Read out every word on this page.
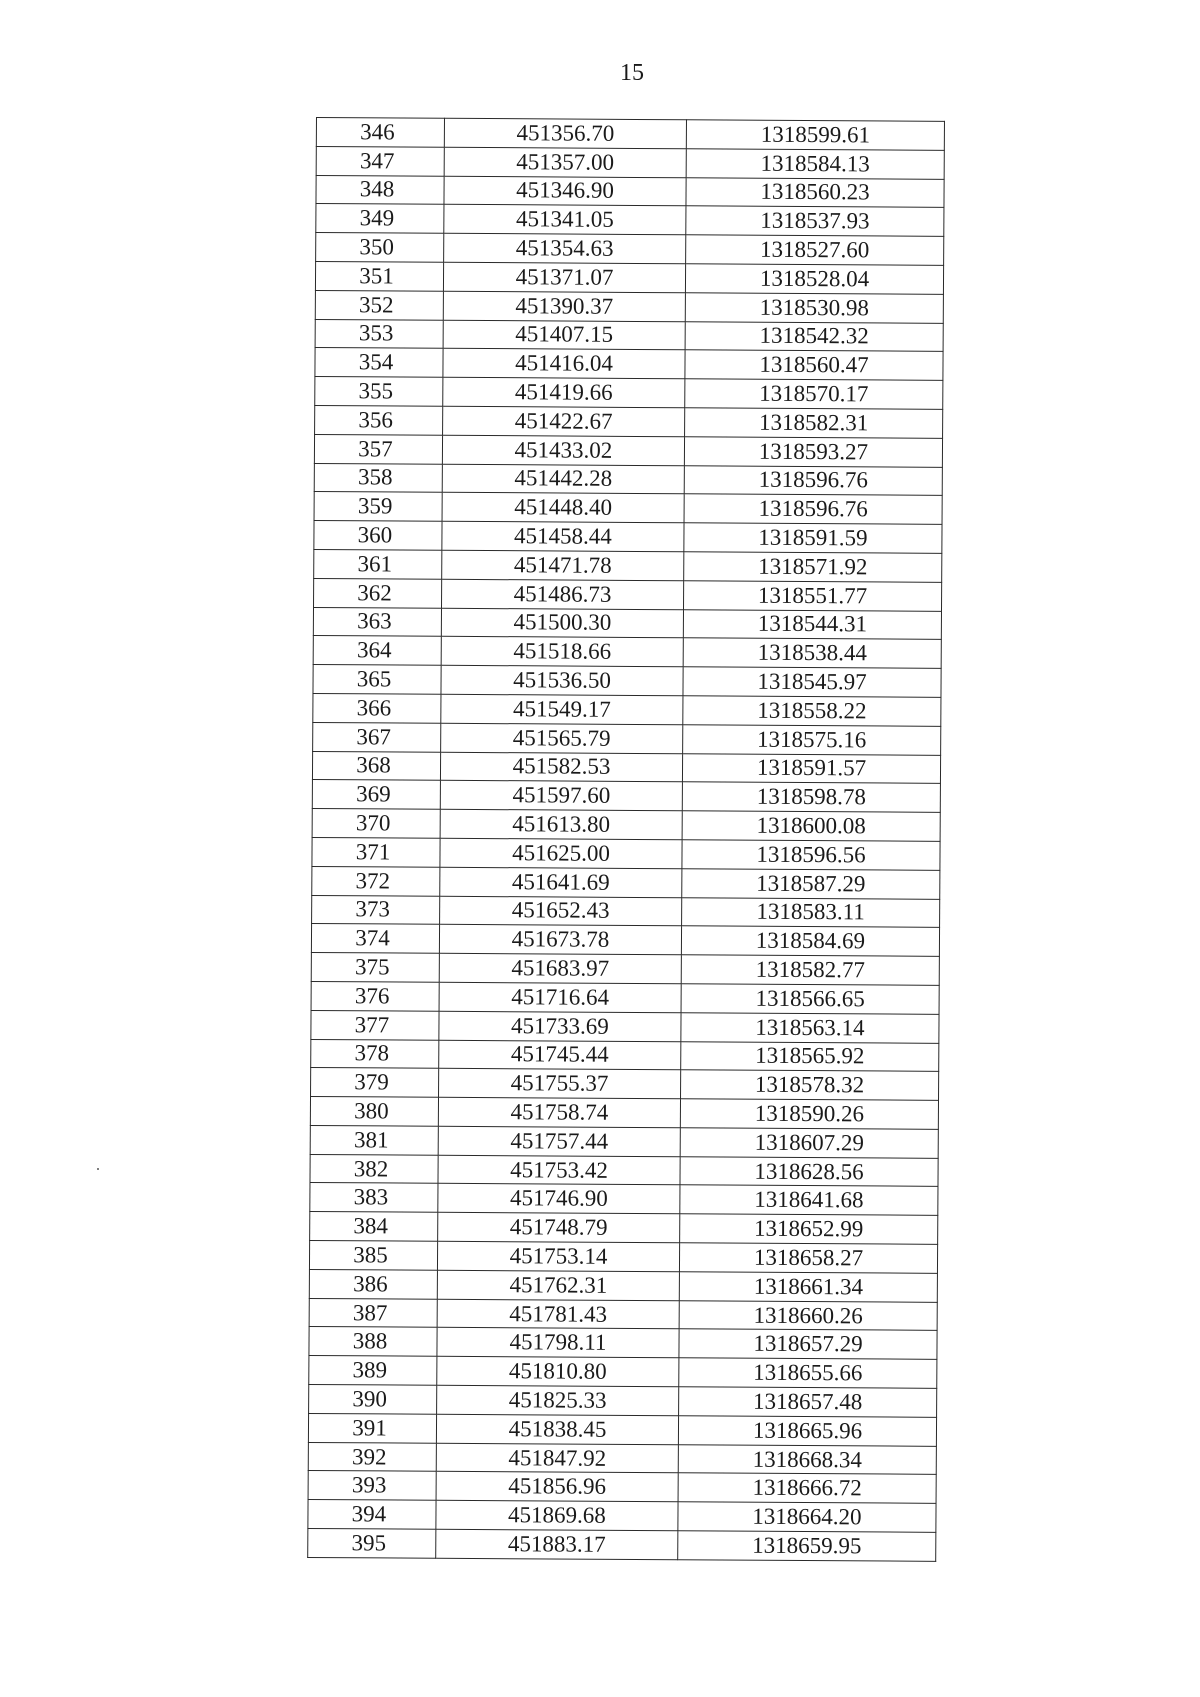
15
346	451356.70	1318599.61
347	451357.00	1318584.13
348	451346.90	1318560.23
349	451341.05	1318537.93
350	451354.63	1318527.60
351	451371.07	1318528.04
352	451390.37	1318530.98
353	451407.15	1318542.32
354	451416.04	1318560.47
355	451419.66	1318570.17
356	451422.67	1318582.31
357	451433.02	1318593.27
358	451442.28	1318596.76
359	451448.40	1318596.76
360	451458.44	1318591.59
361	451471.78	1318571.92
362	451486.73	1318551.77
363	451500.30	1318544.31
364	451518.66	1318538.44
365	451536.50	1318545.97
366	451549.17	1318558.22
367	451565.79	1318575.16
368	451582.53	1318591.57
369	451597.60	1318598.78
370	451613.80	1318600.08
371	451625.00	1318596.56
372	451641.69	1318587.29
373	451652.43	1318583.11
374	451673.78	1318584.69
375	451683.97	1318582.77
376	451716.64	1318566.65
377	451733.69	1318563.14
378	451745.44	1318565.92
379	451755.37	1318578.32
380	451758.74	1318590.26
381	451757.44	1318607.29
382	451753.42	1318628.56
383	451746.90	1318641.68
384	451748.79	1318652.99
385	451753.14	1318658.27
386	451762.31	1318661.34
387	451781.43	1318660.26
388	451798.11	1318657.29
389	451810.80	1318655.66
390	451825.33	1318657.48
391	451838.45	1318665.96
392	451847.92	1318668.34
393	451856.96	1318666.72
394	451869.68	1318664.20
395	451883.17	1318659.95
